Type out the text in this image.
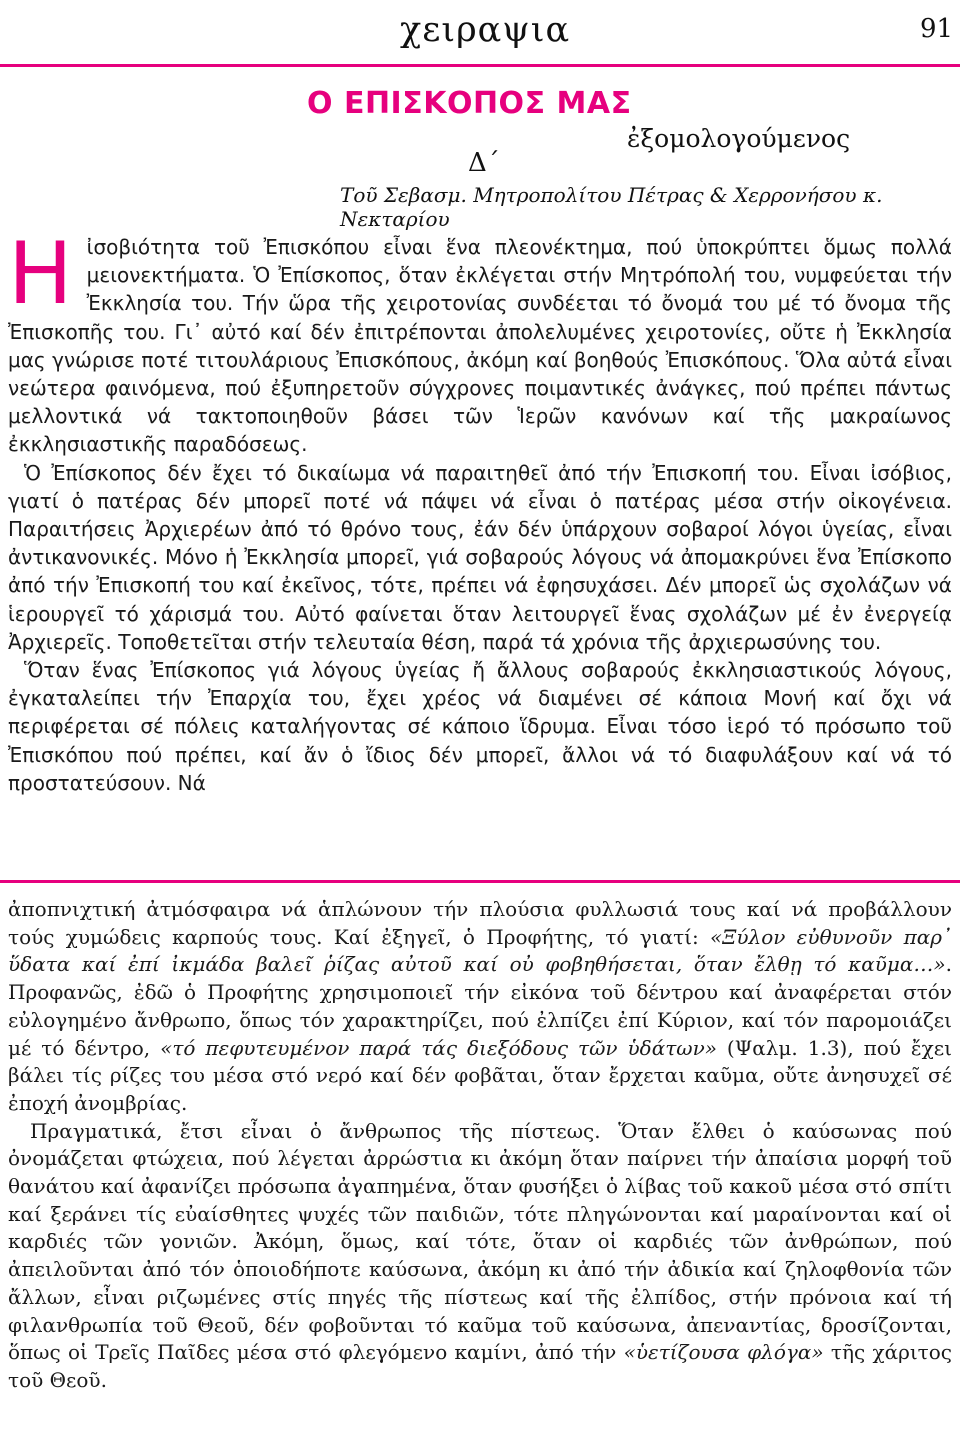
χειραψια	91
Ο ΕΠΙΣΚΟΠΟΣ ΜΑΣ
ἐξομολογούμενος
Δ΄
Τοῦ Σεβασμ. Μητροπολίτου Πέτρας & Χερρονήσου κ. Νεκταρίου

Ηἰσοβιότητα τοῦ Ἐπισκόπου εἶναι ἕνα πλεονέκτημα, πού ὑποκρύπτει ὅμως πολλά μειονεκτήματα. Ὁ Ἐπίσκοπος, ὅταν ἐκλέγεται στήν Μητρόπολή του, νυμφεύεται τήν Ἐκκλησία του. Τήν ὥρα τῆς χειροτονίας συνδέεται τό ὄνομά του μέ τό ὄνομα τῆς Ἐπισκοπῆς του. Γι᾽ αὐτό καί δέν ἐπιτρέπονται ἀπολελυμένες χειροτονίες, οὔτε ἡ Ἐκκλησία μας γνώρισε ποτέ τιτουλάριους Ἐπισκόπους, ἀκόμη καί βοηθούς Ἐπισκόπους. Ὅλα αὐτά εἶναι νεώτερα φαινόμενα, πού ἐξυπηρετοῦν σύγχρονες ποιμαντικές ἀνάγκες, πού πρέπει πάντως μελλοντικά νά τακτοποιηθοῦν βάσει τῶν Ἱερῶν κανόνων καί τῆς μακραίωνος ἐκκλησιαστικῆς παραδόσεως.

Ὁ Ἐπίσκοπος δέν ἔχει τό δικαίωμα νά παραιτηθεῖ ἀπό τήν Ἐπισκοπή του. Εἶναι ἰσόβιος, γιατί ὁ πατέρας δέν μπορεῖ ποτέ νά πάψει νά εἶναι ὁ πατέρας μέσα στήν οἰκογένεια. Παραιτήσεις Ἀρχιερέων ἀπό τό θρόνο τους, ἐάν δέν ὑπάρχουν σοβαροί λόγοι ὑγείας, εἶναι ἀντικανονικές. Μόνο ἡ Ἐκκλησία μπορεῖ, γιά σοβαρούς λόγους νά ἀπομακρύνει ἕνα Ἐπίσκοπο ἀπό τήν Ἐπισκοπή του καί ἐκεῖνος, τότε, πρέπει νά ἐφησυχάσει. Δέν μπορεῖ ὡς σχολάζων νά ἱερουργεῖ τό χάρισμά του. Αὐτό φαίνεται ὅταν λειτουργεῖ ἕνας σχολάζων μέ ἐν ἐνεργείᾳ Ἀρχιερεῖς. Τοποθετεῖται στήν τελευταία θέση, παρά τά χρόνια τῆς ἀρχιερωσύνης του.

Ὅταν ἕνας Ἐπίσκοπος γιά λόγους ὑγείας ἤ ἄλλους σοβαρούς ἐκκλησιαστικούς λόγους, ἐγκαταλείπει τήν Ἐπαρχία του, ἔχει χρέος νά διαμένει σέ κάποια Μονή καί ὄχι νά περιφέρεται σέ πόλεις καταλήγοντας σέ κάποιο ἵδρυμα. Εἶναι τόσο ἱερό τό πρόσωπο τοῦ Ἐπισκόπου πού πρέπει, καί ἄν ὁ ἴδιος δέν μπορεῖ, ἄλλοι νά τό διαφυλάξουν καί νά τό προστατεύσουν. Νά

ἀποπνιχτική ἀτμόσφαιρα νά ἁπλώνουν τήν πλούσια φυλλωσιά τους καί νά προβάλλουν τούς χυμώδεις καρπούς τους. Καί ἐξηγεῖ, ὁ Προφήτης, τό γιατί: «Ξύλον εὐθυνοῦν παρ᾽ ὕδατα καί ἐπί ἰκμάδα βαλεῖ ῥίζας αὐτοῦ καί οὐ φοβηθήσεται, ὅταν ἔλθῃ τό καῦμα…». Προφανῶς, ἐδῶ ὁ Προφήτης χρησιμοποιεῖ τήν εἰκόνα τοῦ δέντρου καί ἀναφέρεται στόν εὐλογημένο ἄνθρωπο, ὅπως τόν χαρακτηρίζει, πού ἐλπίζει ἐπί Κύριον, καί τόν παρομοιάζει μέ τό δέντρο, «τό πεφυτευμένον παρά τάς διεξόδους τῶν ὑδάτων» (Ψαλμ. 1.3), πού ἔχει βάλει τίς ρίζες του μέσα στό νερό καί δέν φοβᾶται, ὅταν ἔρχεται καῦμα, οὔτε ἀνησυχεῖ σέ ἐποχή ἀνομβρίας.

Πραγματικά, ἔτσι εἶναι ὁ ἄνθρωπος τῆς πίστεως. Ὅταν ἔλθει ὁ καύσωνας πού ὀνομάζεται φτώχεια, πού λέγεται ἀρρώστια κι ἀκόμη ὅταν παίρνει τήν ἀπαίσια μορφή τοῦ θανάτου καί ἀφανίζει πρόσωπα ἀγαπημένα, ὅταν φυσήξει ὁ λίβας τοῦ κακοῦ μέσα στό σπίτι καί ξεράνει τίς εὐαίσθητες ψυχές τῶν παιδιῶν, τότε πληγώνονται καί μαραίνονται καί οἱ καρδιές τῶν γονιῶν. Ἀκόμη, ὅμως, καί τότε, ὅταν οἱ καρδιές τῶν ἀνθρώπων, πού ἀπειλοῦνται ἀπό τόν ὁποιοδήποτε καύσωνα, ἀκόμη κι ἀπό τήν ἀδικία καί ζηλοφθονία τῶν ἄλλων, εἶναι ριζωμένες στίς πηγές τῆς πίστεως καί τῆς ἐλπίδος, στήν πρόνοια καί τή φιλανθρωπία τοῦ Θεοῦ, δέν φοβοῦνται τό καῦμα τοῦ καύσωνα, ἀπεναντίας, δροσίζονται, ὅπως οἱ Τρεῖς Παῖδες μέσα στό φλεγόμενο καμίνι, ἀπό τήν «ὑετίζουσα φλόγα» τῆς χάριτος τοῦ Θεοῦ.
